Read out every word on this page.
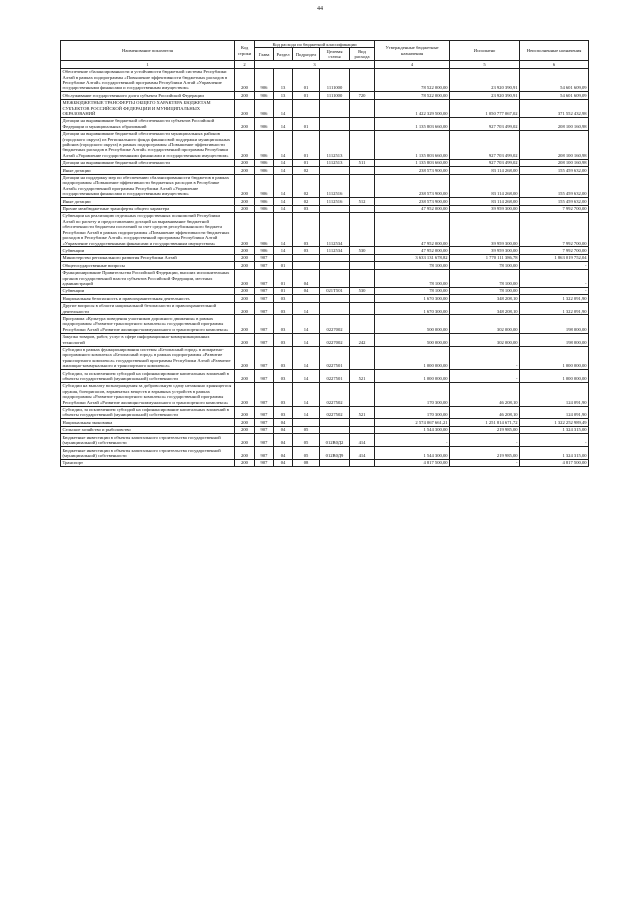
44
Наименование показателя	Код строки	Код расхода по бюджетной классификации					Утвержденные бюджетные назначения	Исполнено	Неисполненные назначения
		Глава	Раздел	Подраздел	Целевая статья	Вид расхода			
1	2	3					4	5	6
Обеспечение сбалансированности и устойчивости бюджетной системы Республики Алтай в рамках подпрограммы «Повышение эффективности бюджетных расходов в Республике Алтай» государственной программы Республики Алтай «Управление государственными финансами и государственным имуществом»	200	906	13	01	1111000		78 522 000,00	23 920 390,91	54 601 609,09
Обслуживание государственного долга субъекта Российской Федерации	200	906	13	01	1111000	720	78 522 000,00	23 920 390,91	54 601 609,09
МЕЖБЮДЖЕТНЫЕ ТРАНСФЕРТЫ ОБЩЕГО ХАРАКТЕРА БЮДЖЕТАМ СУБЪЕКТОВ РОССИЙСКОЙ ФЕДЕРАЦИИ И МУНИЦИПАЛЬНЫХ ОБРАЗОВАНИЙ	200	906	14				1 422 329 500,00	1 050 777 067,02	371 552 432,98
Дотации на выравнивание бюджетной обеспеченности субъектов Российской Федерации и муниципальных образований	200	906	14	01			1 135 803 660,00	927 703 499,02	208 100 160,98
Дотации на выравнивание бюджетной обеспеченности муниципальных районов (городского округа) из Регионального фонда финансовой поддержки муниципальных районов (городского округа) в рамках подпрограммы «Повышение эффективности бюджетных расходов в Республике Алтай» государственной программы Республики Алтай «Управление государственными финансами и государственным имуществом»	200	906	14	01	1112513		1 135 803 660,00	927 703 499,02	208 100 160,98
Дотации на выравнивание бюджетной обеспеченности	200	906	14	01	1112513	511	1 135 803 660,00	927 703 499,02	208 100 160,98
Иные дотации	200	906	14	02			238 573 900,00	83 114 268,00	155 459 632,00
Дотации на поддержку мер по обеспечению сбалансированности бюджетов в рамках подпрограммы «Повышение эффективности бюджетных расходов в Республике Алтай» государственной программы Республики Алтай «Управление государственными финансами и государственным имуществом»	200	906	14	02	1112516		238 573 900,00	83 114 268,00	155 459 632,00
Иные дотации	200	906	14	02	1112516	512	238 573 900,00	83 114 268,00	155 459 632,00
Прочие межбюджетные трансферты общего характера	200	906	14	03			47 952 000,00	39 959 300,00	7 992 700,00
Субвенции на реализацию отдельных государственных полномочий Республики Алтай по расчету и предоставлению дотаций на выравнивание бюджетной обеспеченности бюджетам поселений за счет средств республиканского бюджета Республики Алтай в рамках подпрограммы «Повышение эффективности бюджетных расходов в Республике Алтай» государственной программы Республики Алтай «Управление государственными финансами и государственным имуществом»	200	906	14	03	1112534		47 952 000,00	39 959 300,00	7 992 700,00
Субвенции	200	906	14	03	1112534	530	47 952 000,00	39 959 300,00	7 992 700,00
Министерство регионального развития Республики Алтай	200	907					3 633 131 678,82	1 770 111 386,78	1 863 019 752,04
Общегосударственные вопросы	200	907	01				78 100,00	78 100,00	-
Функционирование Правительства Российской Федерации, высших исполнительных органов государственной власти субъектов Российской Федерации, местных администраций	200	907	01	04			78 100,00	78 100,00	-
Субвенции	200	907	01	04	021Т501	530	78 100,00	78 100,00	-
Национальная безопасность и правоохранительная деятельность	200	907	03				1 670 300,00	348 208,10	1 322 091,90
Другие вопросы в области национальной безопасности и правоохранительной деятельности	200	907	03	14			1 670 300,00	348 208,10	1 322 091,90
Программа «Культура поведения участников дорожного движения» в рамках подпрограммы «Развитие транспортного комплекса» государственной программы Республики Алтай «Развитие жилищно-коммунального и транспортного комплекса»	200	907	03	14	0227002		500 000,00	302 000,00	198 000,00
Закупка товаров, работ, услуг в сфере информационно-коммуникационных технологий	200	907	03	14	0227002	242	500 000,00	302 000,00	198 000,00
Субсидии в рамках функционирования системы «Безопасный город» в аппаратно-программного комплекса «Безопасный город» в рамках подпрограммы «Развитие транспортного комплекса» государственной программы Республики Алтай «Развитие жилищно-коммунального и транспортного комплекса»	200	907	03	14	0227501		1 000 000,00	-	1 000 000,00
Субсидии, за исключением субсидий на софинансирование капитальных вложений в объекты государственной (муниципальной) собственности	200	907	03	14	0227501	521	1 000 000,00	-	1 000 000,00
Субсидии на выплату вознаграждения за добровольную сдачу незаконно хранящегося оружия, боеприпасов, взрывчатых веществ и взрывных устройств в рамках подпрограммы «Развитие транспортного комплекса» государственной программы Республики Алтай «Развитие жилищно-коммунального и транспортного комплекса»	200	907	03	14	0227502		170 300,00	46 208,10	124 091,90
Субсидии, за исключением субсидий на софинансирование капитальных вложений в объекты государственной (муниципальной) собственности	200	907	03	14	0227502	521	170 300,00	46 208,10	124 091,90
Национальная экономика	200	907	04				2 574 067 661,21	1 251 814 671,72	1 322 252 989,49
Сельское хозяйство и рыболовство	200	907	04	05			1 544 300,00	219 985,00	1 324 315,00
Бюджетные инвестиции в объекты капитального строительства государственной (муниципальной) собственности	200	907	04	05	012В0Д2	414	-	-	-
Бюджетные инвестиции в объекты капитального строительства государственной (муниципальной) собственности	200	907	04	05	012В0Д9	414	1 544 300,00	219 985,00	1 324 315,00
Транспорт	200	907	04	08			4 817 500,00	-	4 817 500,00
